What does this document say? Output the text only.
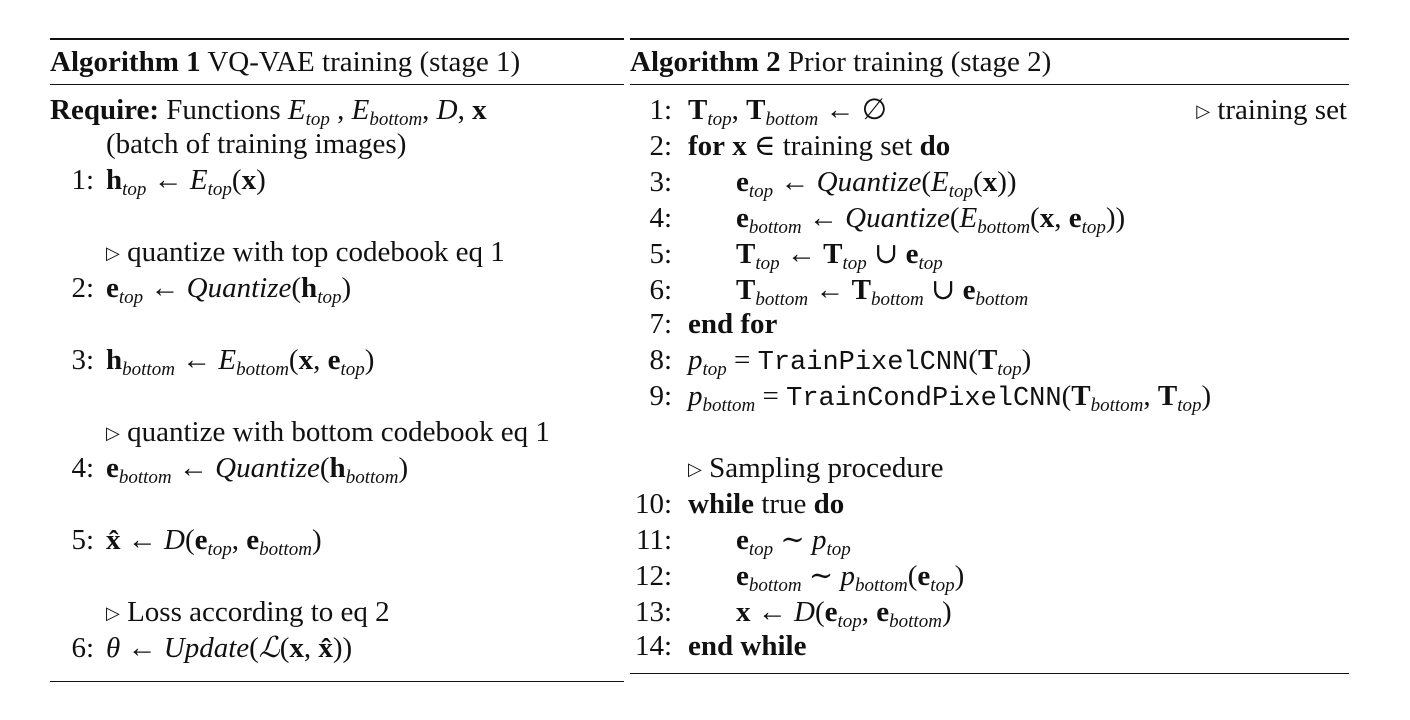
Algorithm 1 VQ-VAE training (stage 1)
Require: Functions $E_{top}$ , $E_{bottom}$, D, x
(batch of training images)
1: $h_{top}$ ← $E_{top}(x)$
▷ quantize with top codebook eq 1
2: $e_{top}$ ← $Quantize(h_{top})$
3: $h_{bottom}$ ← $E_{bottom}(x$, $e_{top}$)
▷ quantize with bottom codebook eq 1
4: $e_{bottom}$ ← $Quantize(h_{bottom})$
5: x̂ ← $D(e_{top}$, $e_{bottom}$)
▷ Loss according to eq 2
6: θ ← Update(ℒ(x, x̂))
Algorithm 2 Prior training (stage 2)
1: $T_{top}$, $T_{bottom}$ ← ∅	▷ training set
2: for x ∈ training set do
3: $e_{top}$ ← $Quantize(E_{top}(x))$
4: $e_{bottom}$ ← $Quantize(E_{bottom}(x$, $e_{top}$))
5: $T_{top}$ ← $T_{top}$ ∪ $e_{top}$
6: $T_{bottom}$ ← $T_{bottom}$ ∪ $e_{bottom}$
7: end for
8: $p_{top}$ = $TrainPixelCNN(T_{top})$
9: $p_{bottom}$ = $TrainCondPixelCNN(T_{bottom}$, $T_{top}$)
▷ Sampling procedure
10: while true do
11: $e_{top}$ ∼ $p_{top}$
12: $e_{bottom}$ ∼ $p_{bottom}(e_{top})$
13: x ← $D(e_{top}$, $e_{bottom}$)
14: end while
